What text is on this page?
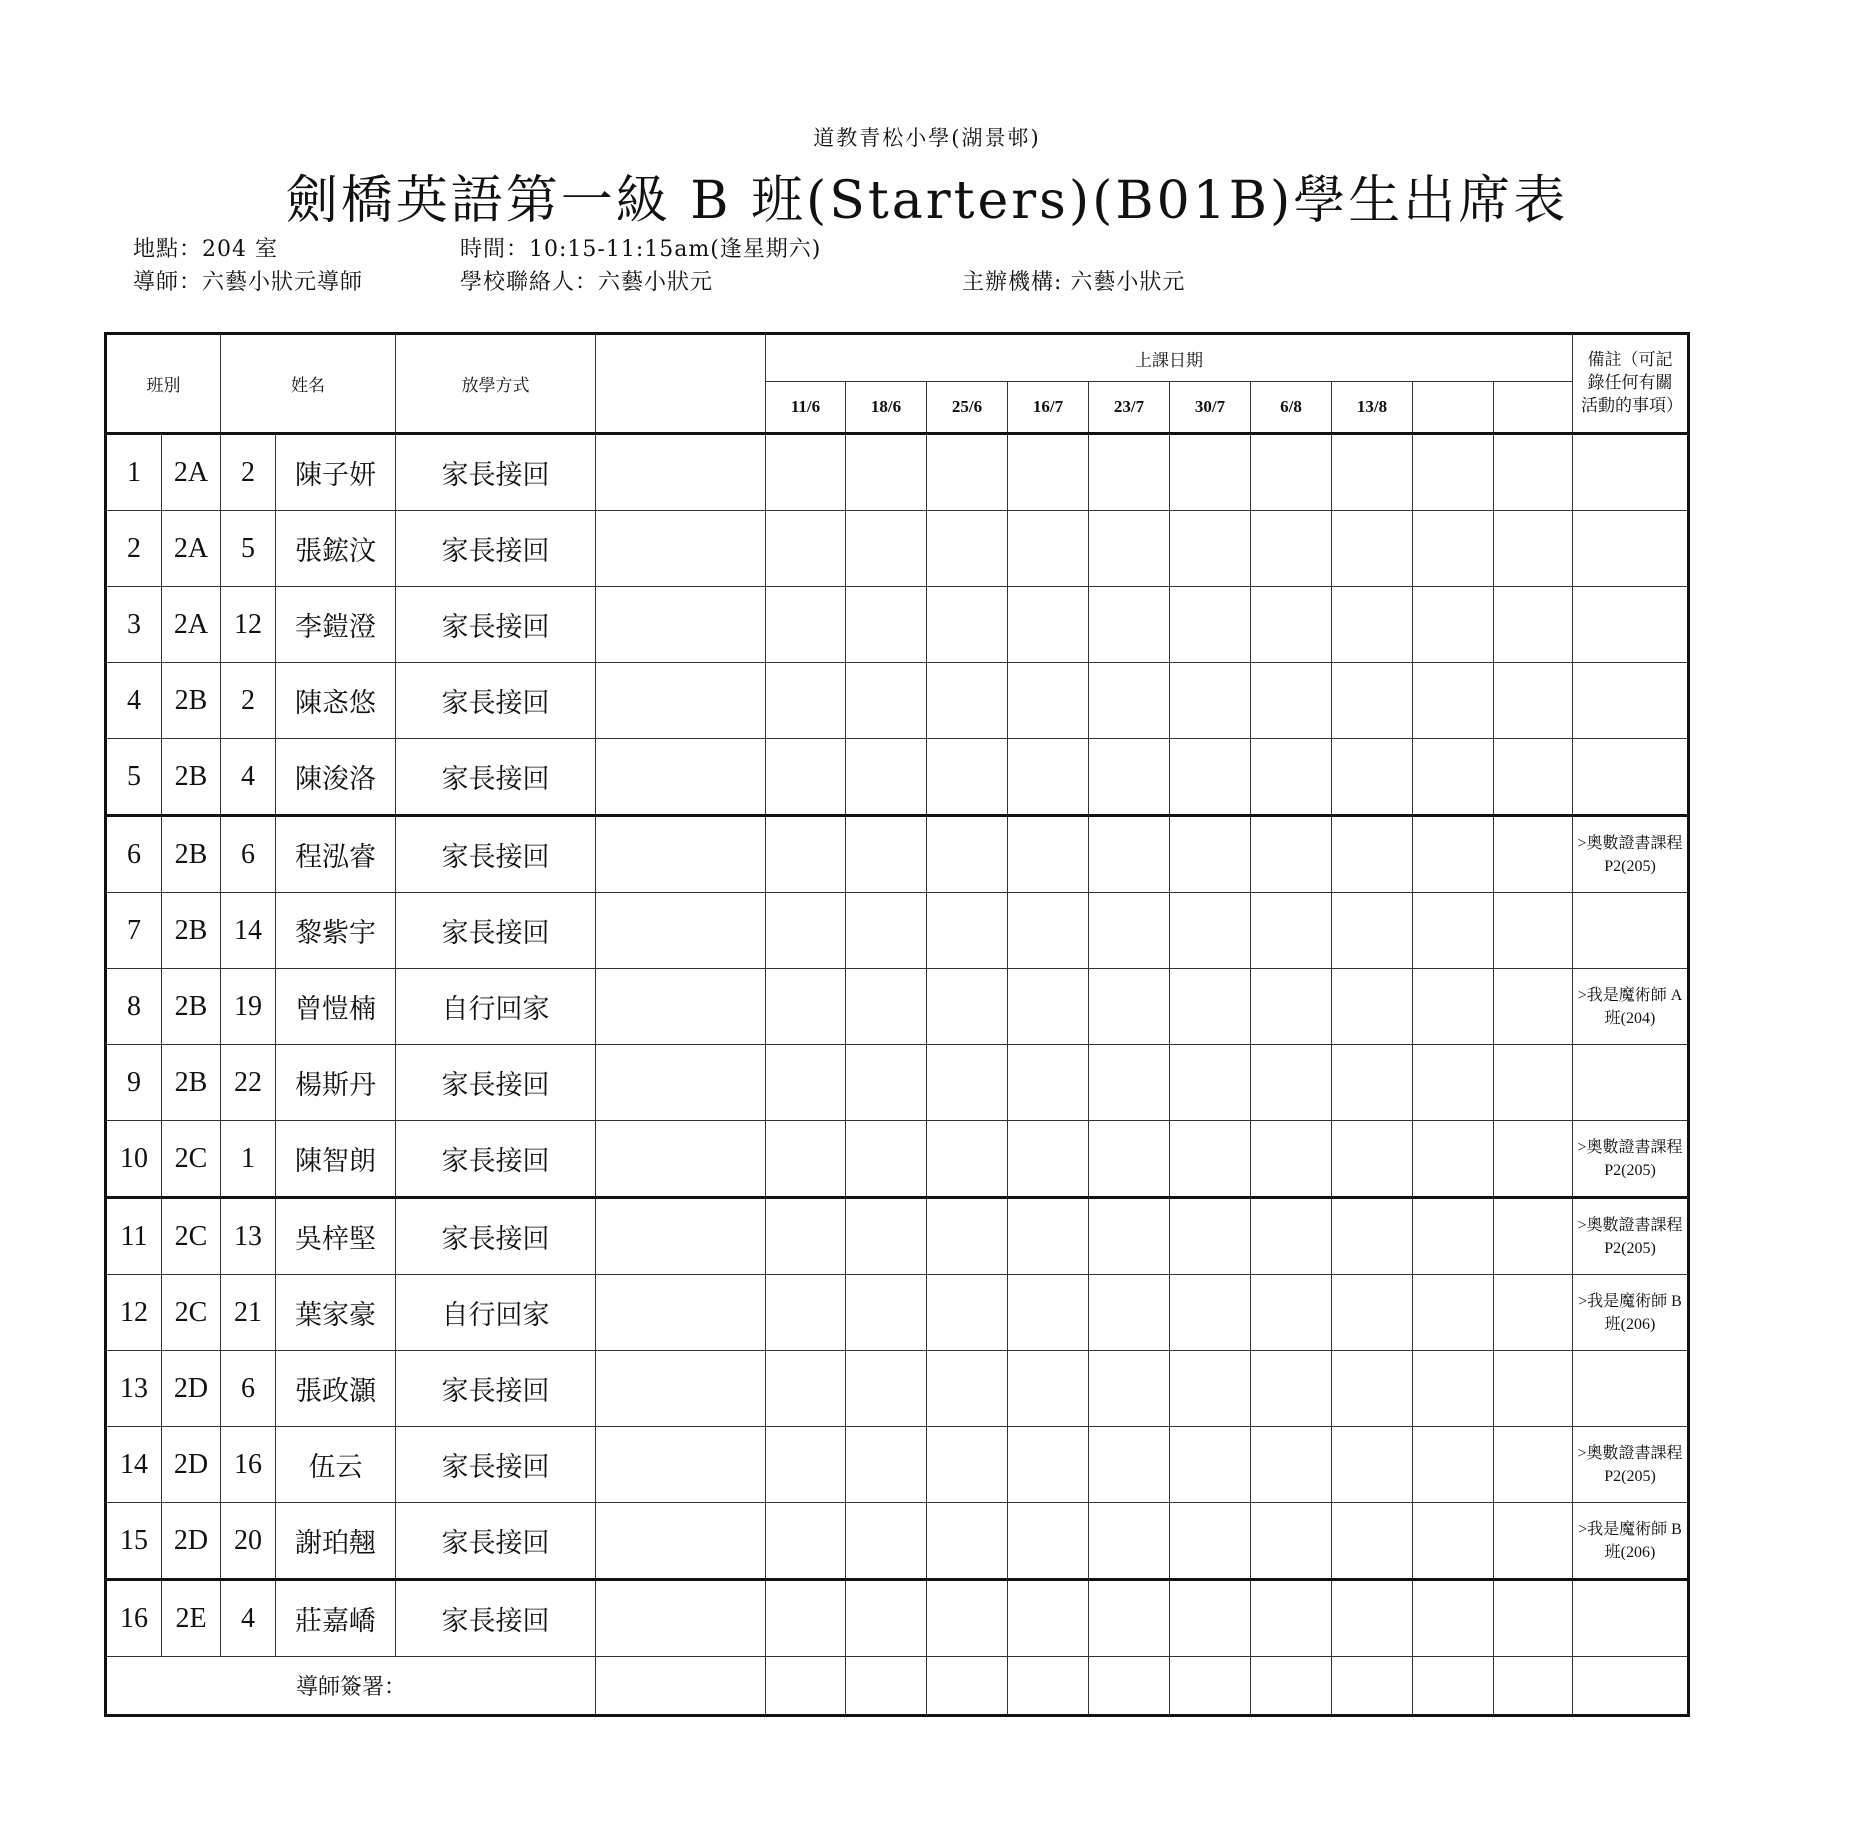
道教青松小學(湖景邨)
劍橋英語第一級 B 班(Starters)(B01B)學生出席表
地點：204 室	時間：10:15-11:15am(逢星期六)
導師：六藝小狀元導師	學校聯絡人：六藝小狀元	主辦機構: 六藝小狀元
班別		姓名		放學方式		上課日期										備註（可記錄任何有關活動的事項）
						11/6	18/6	25/6	16/7	23/7	30/7	6/8	13/8			
1	2A	2	陳子妍	家長接回												
2	2A	5	張鋐汶	家長接回												
3	2A	12	李鎧澄	家長接回												
4	2B	2	陳忞悠	家長接回												
5	2B	4	陳浚洛	家長接回												
6	2B	6	程泓睿	家長接回												>奧數證書課程P2(205)
7	2B	14	黎紫宇	家長接回												
8	2B	19	曾愷楠	自行回家												>我是魔術師 A 班(204)
9	2B	22	楊斯丹	家長接回												
10	2C	1	陳智朗	家長接回												>奧數證書課程P2(205)
11	2C	13	吳梓堅	家長接回												>奧數證書課程P2(205)
12	2C	21	葉家豪	自行回家												>我是魔術師 B 班(206)
13	2D	6	張政灝	家長接回												
14	2D	16	伍云	家長接回												>奧數證書課程P2(205)
15	2D	20	謝珀翹	家長接回												>我是魔術師 B 班(206)
16	2E	4	莊嘉嶠	家長接回												
導師簽署：																
